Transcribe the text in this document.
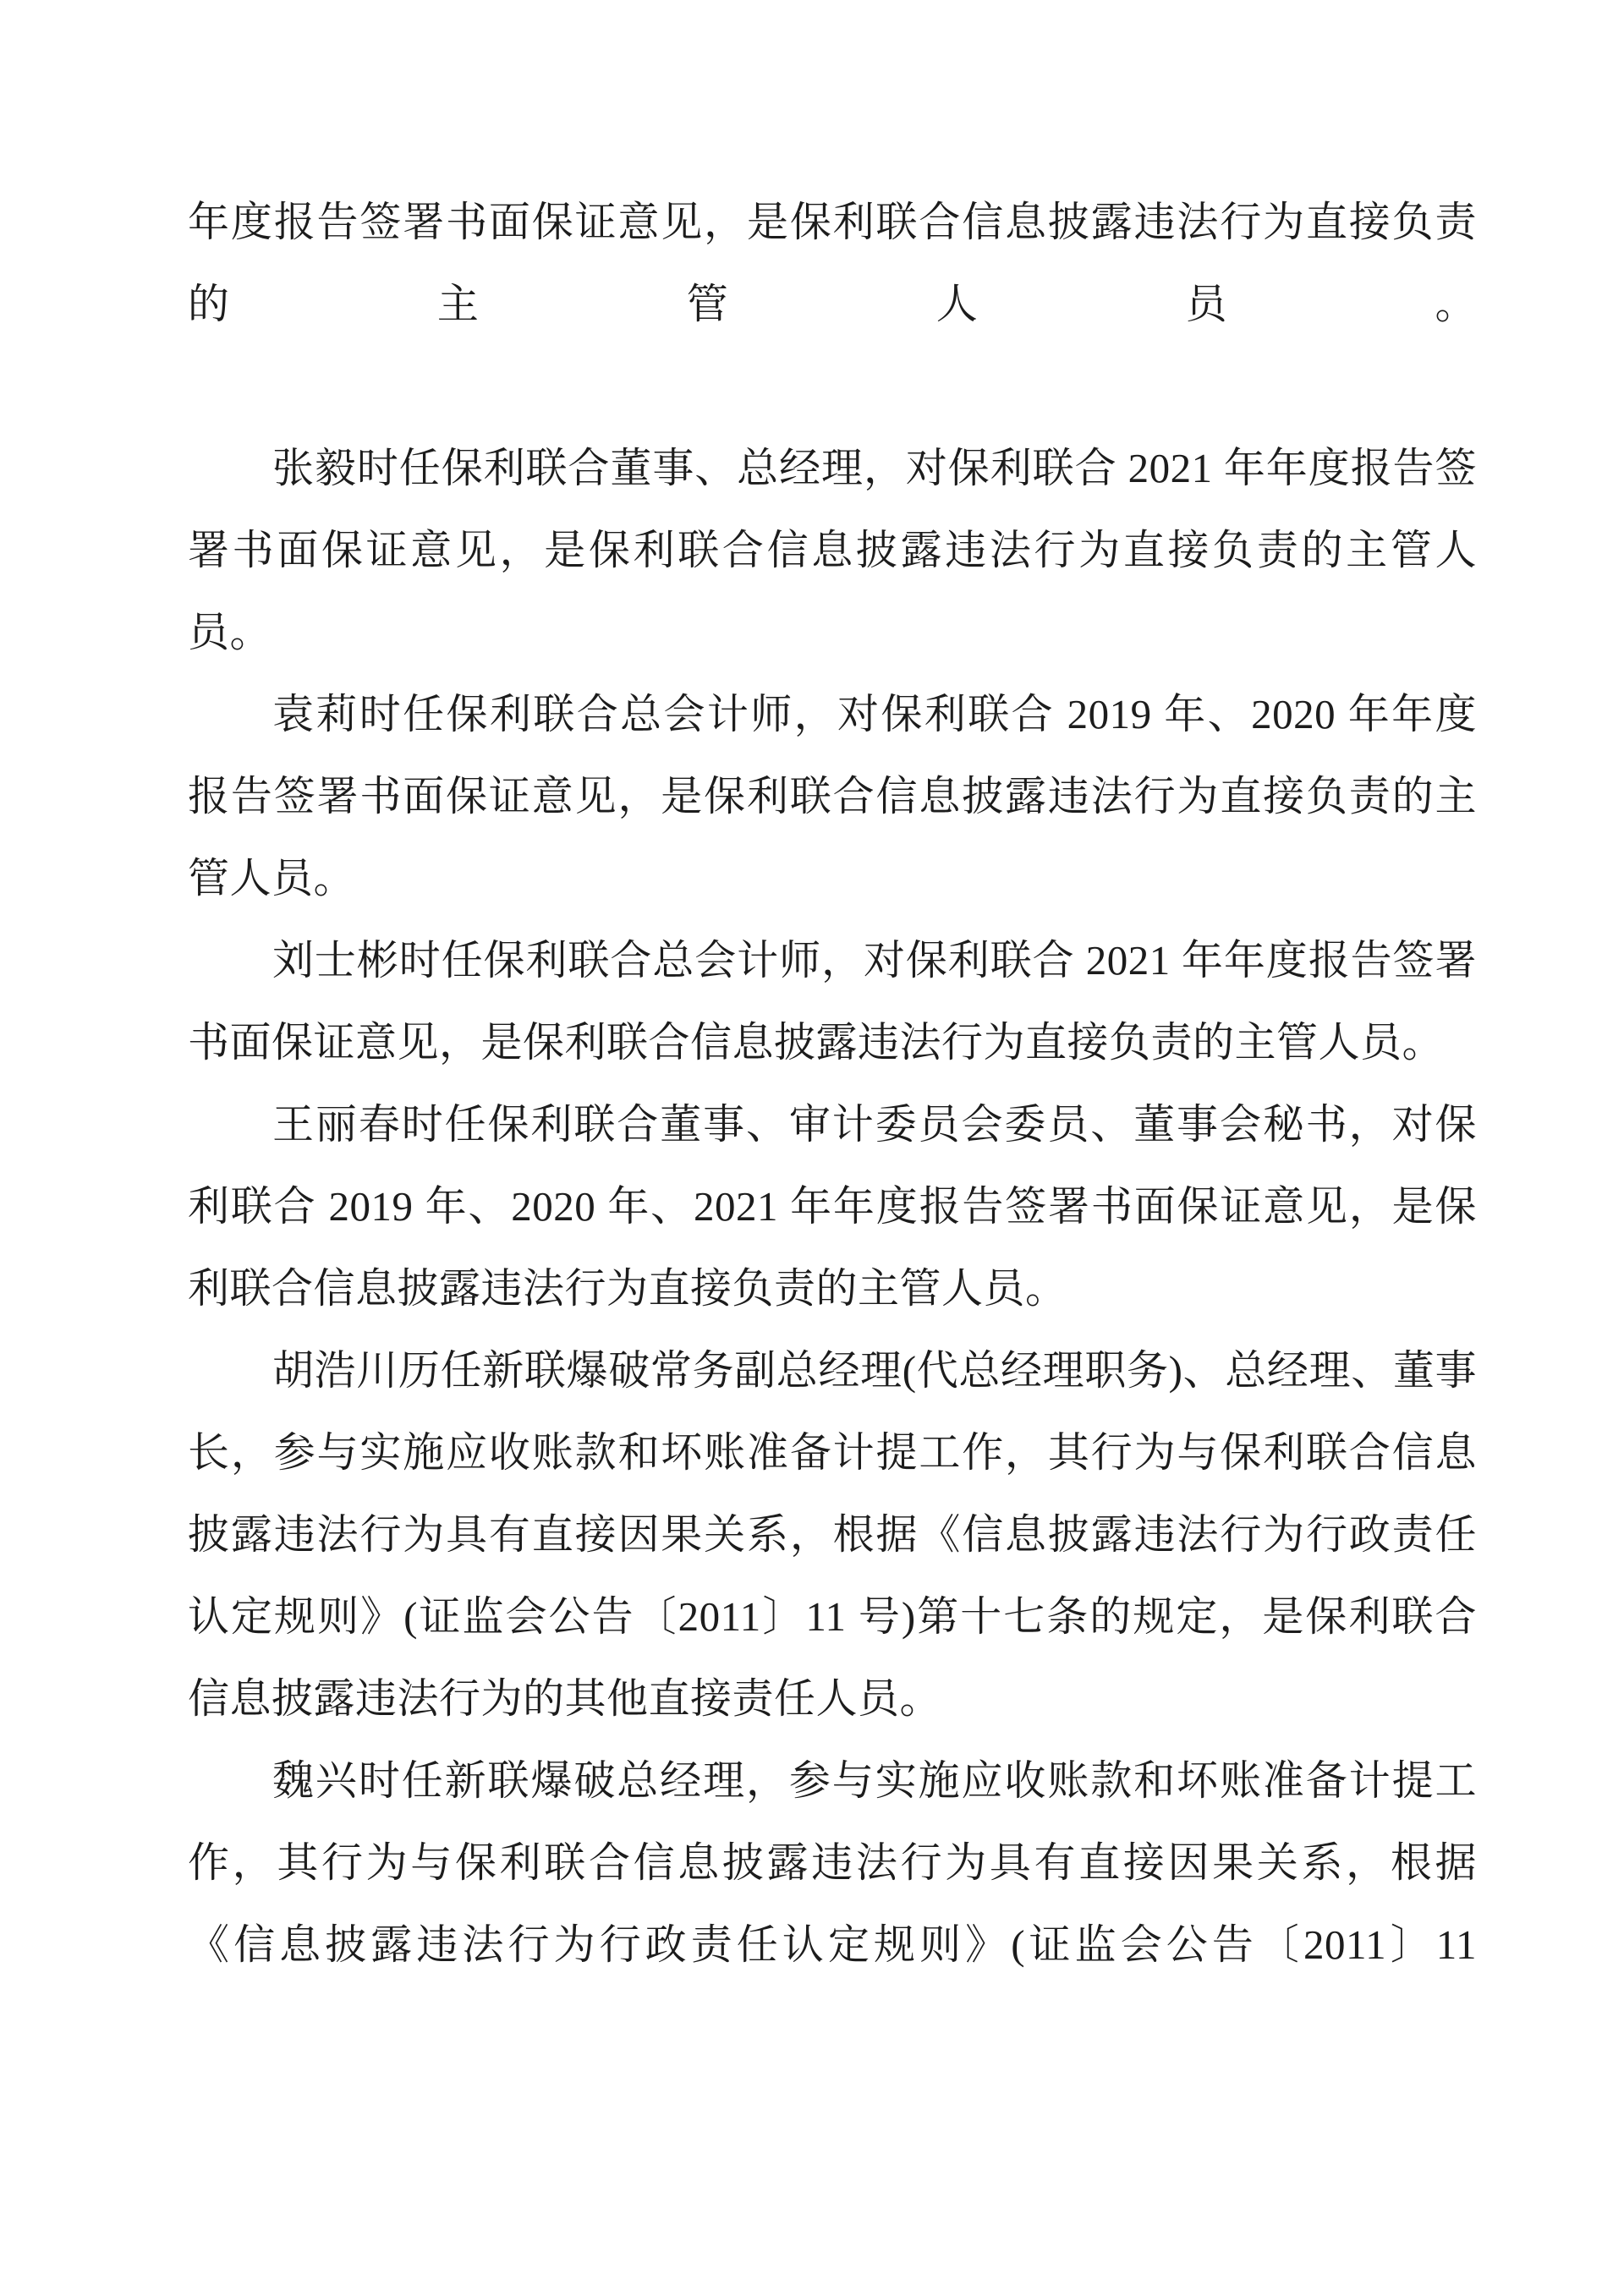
年度报告签署书面保证意见，是保利联合信息披露违法行为直接负责的主管人员。

张毅时任保利联合董事、总经理，对保利联合 2021 年年度报告签署书面保证意见，是保利联合信息披露违法行为直接负责的主管人员。

袁莉时任保利联合总会计师，对保利联合 2019 年、2020 年年度报告签署书面保证意见，是保利联合信息披露违法行为直接负责的主管人员。

刘士彬时任保利联合总会计师，对保利联合 2021 年年度报告签署书面保证意见，是保利联合信息披露违法行为直接负责的主管人员。

王丽春时任保利联合董事、审计委员会委员、董事会秘书，对保利联合 2019 年、2020 年、2021 年年度报告签署书面保证意见，是保利联合信息披露违法行为直接负责的主管人员。

胡浩川历任新联爆破常务副总经理(代总经理职务)、总经理、董事长，参与实施应收账款和坏账准备计提工作，其行为与保利联合信息披露违法行为具有直接因果关系，根据《信息披露违法行为行政责任认定规则》(证监会公告〔2011〕11 号)第十七条的规定，是保利联合信息披露违法行为的其他直接责任人员。

魏兴时任新联爆破总经理，参与实施应收账款和坏账准备计提工作，其行为与保利联合信息披露违法行为具有直接因果关系，根据《信息披露违法行为行政责任认定规则》(证监会公告〔2011〕11
